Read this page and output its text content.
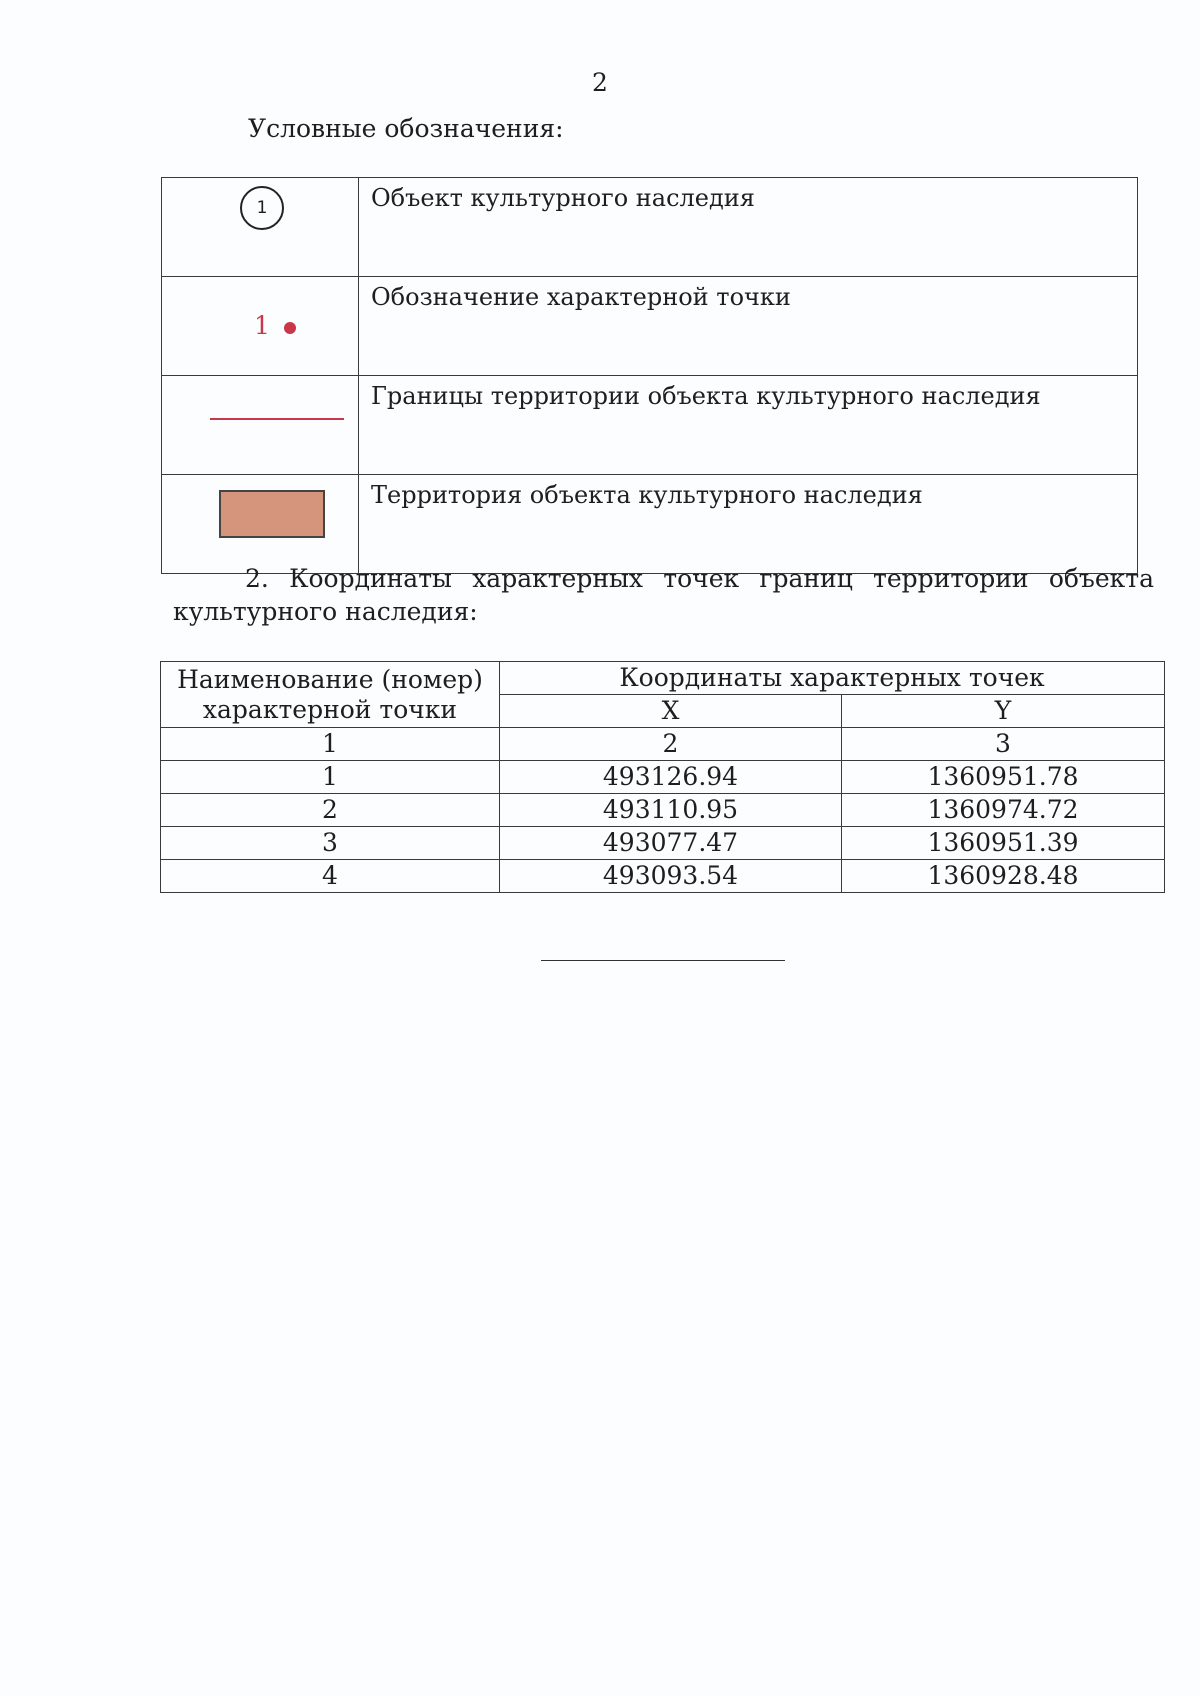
2
Условные обозначения:
1	Объект культурного наследия

1	Обозначение характерной точки

	Границы территории объекта культурного наследия

	Территория объекта культурного наследия
2. Координаты характерных точек границ территории объекта культурного наследия:
Наименование (номер) характерной точки	Координаты характерных точек	
	X	Y
1	2	3
1	493126.94	1360951.78
2	493110.95	1360974.72
3	493077.47	1360951.39
4	493093.54	1360928.48
